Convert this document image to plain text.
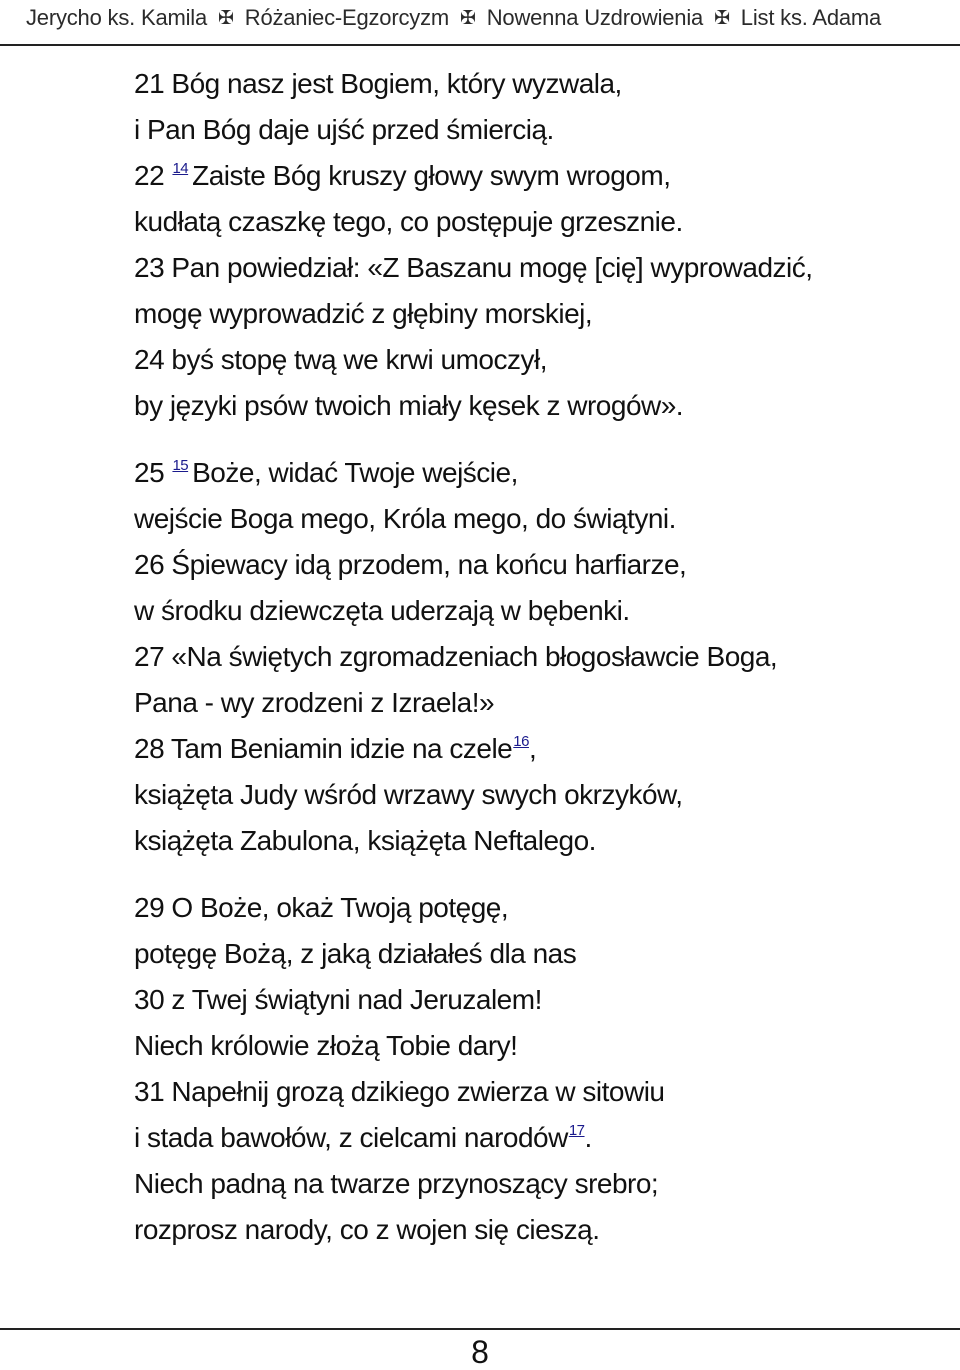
Jerycho ks. Kamila ✠ Różaniec-Egzorcyzm ✠ Nowenna Uzdrowienia ✠ List ks. Adama
21 Bóg nasz jest Bogiem, który wyzwala,
i Pan Bóg daje ujść przed śmiercią.
22 $^{14}$ Zaiste Bóg kruszy głowy swym wrogom,
kudłatą czaszkę tego, co postępuje grzesznie.
23 Pan powiedział: «Z Baszanu mogę [cię] wyprowadzić,
mogę wyprowadzić z głębiny morskiej,
24 byś stopę twą we krwi umoczył,
by języki psów twoich miały kęsek z wrogów».
25 $^{15}$ Boże, widać Twoje wejście,
wejście Boga mego, Króla mego, do świątyni.
26 Śpiewacy idą przodem, na końcu harfiarze,
w środku dziewczęta uderzają w bębenki.
27 «Na świętych zgromadzeniach błogosławcie Boga,
Pana - wy zrodzeni z Izraela!»
28 Tam Beniamin idzie na czele$^{16}$,
książęta Judy wśród wrzawy swych okrzyków,
książęta Zabulona, książęta Neftalego.
29 O Boże, okaż Twoją potęgę,
potęgę Bożą, z jaką działałeś dla nas
30 z Twej świątyni nad Jeruzalem!
Niech królowie złożą Tobie dary!
31 Napełnij grozą dzikiego zwierza w sitowiu
i stada bawołów, z cielcami narodów$^{17}$.
Niech padną na twarze przynoszący srebro;
rozprosz narody, co z wojen się cieszą.
8
